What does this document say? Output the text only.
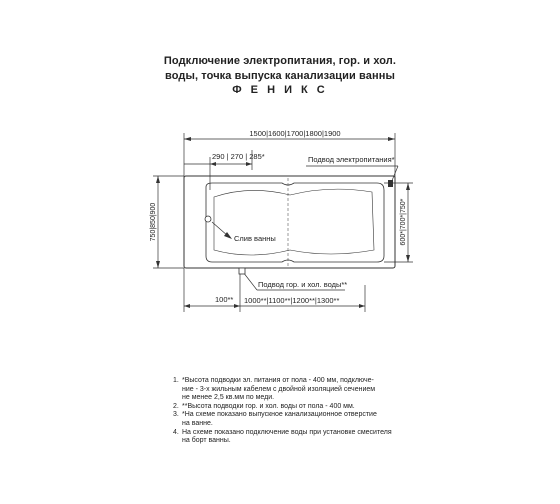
Подключение электропитания, гор. и хол.
воды, точка выпуска канализации ванны
Ф Е Н И К С
1500|1600|1700|1800|1900
290 | 270 | 285*	Подвод электропитания*
750|850|900	600*|700*|750*
Слив ванны
Подвод гор. и хол. воды**
100** 1000**|1100**|1200**|1300**
1. *Высота подводки эл. питания от пола - 400 мм, подключе-
ние - 3-х жильным кабелем с двойной изоляцией сечением
не менее 2,5 кв.мм по меди.
2. **Высота подводки гор. и хол. воды от пола - 400 мм.
3. *На схеме показано выпускное канализационное отверстие
на ванне.
4. На схеме показано подключение воды при установке смесителя
на борт ванны.
